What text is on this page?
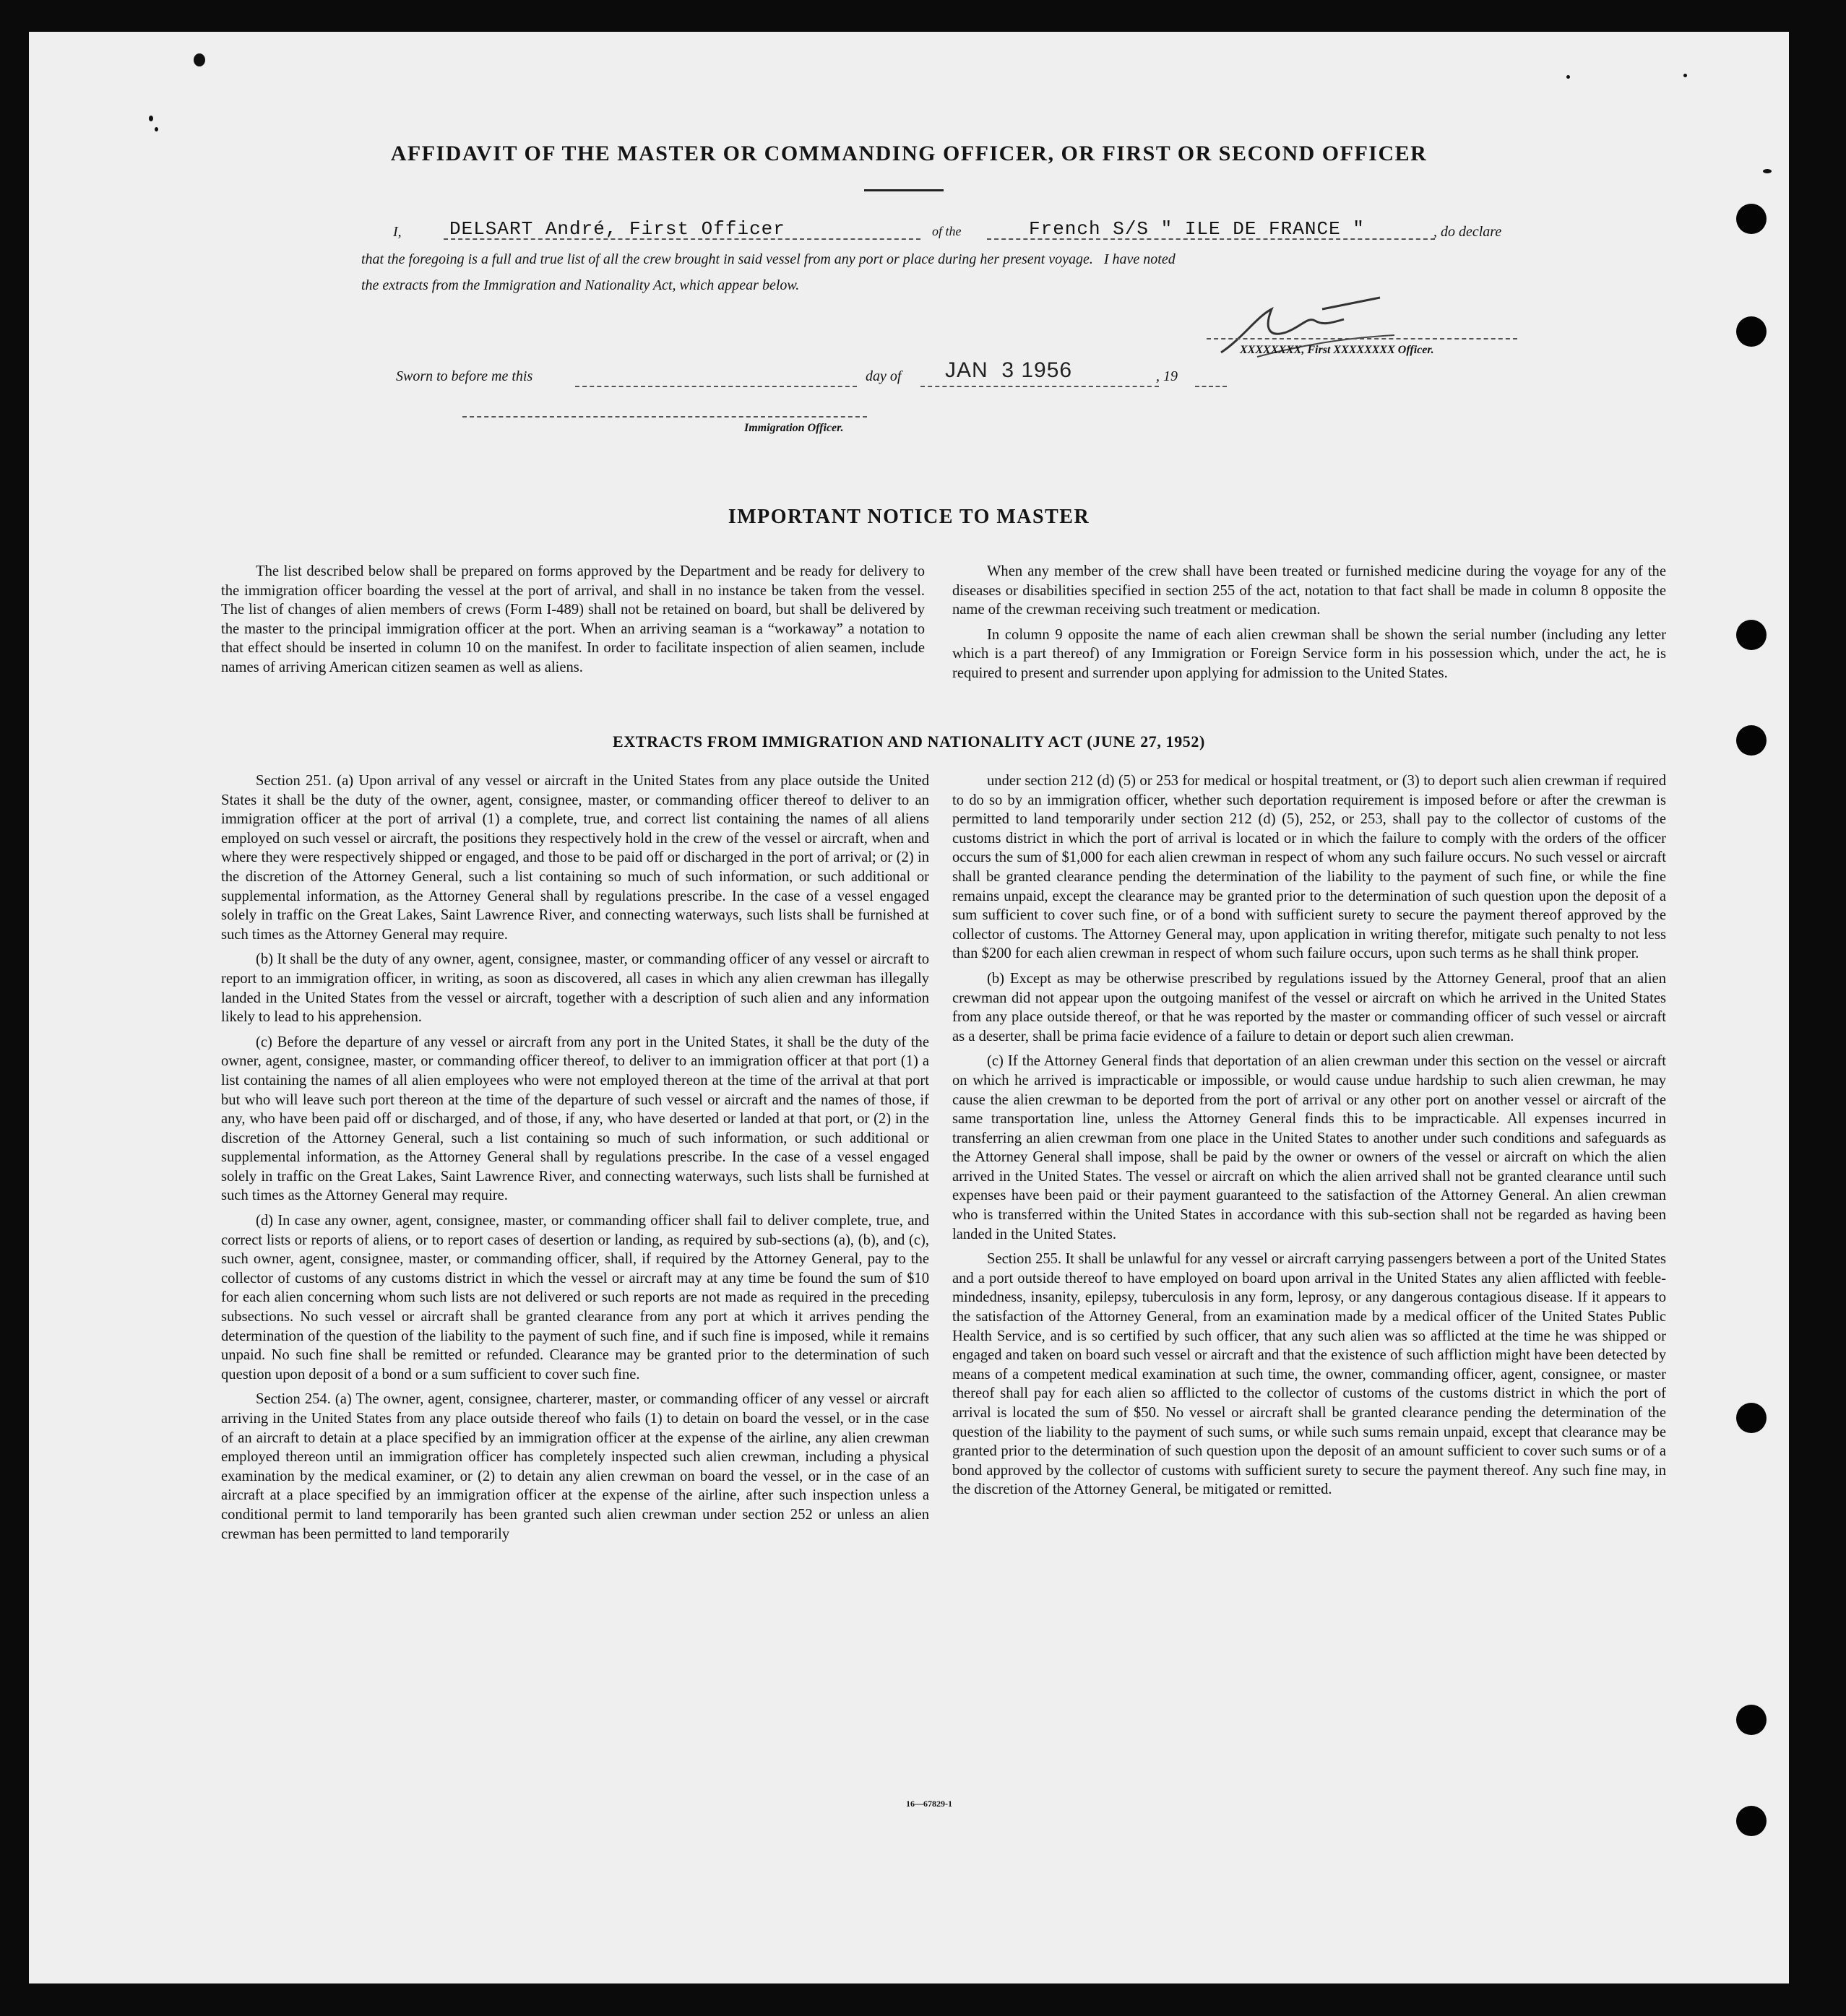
AFFIDAVIT OF THE MASTER OR COMMANDING OFFICER, OR FIRST OR SECOND OFFICER
I,	DELSART André, First Officer	of the	French S/S " ILE DE FRANCE "	, do declare
that the foregoing is a full and true list of all the crew brought in said vessel from any port or place during her present voyage.   I have noted
the extracts from the Immigration and Nationality Act, which appear below.
XXXXXXXX, First XXXXXXXX Officer.
Sworn to before me this	day of JAN  3 1956	, 19
Immigration Officer.
IMPORTANT NOTICE TO MASTER

The list described below shall be prepared on forms approved by the Department and be ready for delivery to the immigration officer boarding the vessel at the port of arrival, and shall in no instance be taken from the vessel. The list of changes of alien members of crews (Form I-489) shall not be retained on board, but shall be delivered by the master to the principal immigration officer at the port. When an arriving seaman is a “workaway” a notation to that effect should be inserted in column 10 on the manifest. In order to facilitate inspection of alien seamen, include names of arriving American citizen seamen as well as aliens.

When any member of the crew shall have been treated or furnished medicine during the voyage for any of the diseases or disabilities specified in section 255 of the act, notation to that fact shall be made in column 8 opposite the name of the crewman receiving such treatment or medication.

In column 9 opposite the name of each alien crewman shall be shown the serial number (including any letter which is a part thereof) of any Immigration or Foreign Service form in his possession which, under the act, he is required to present and surrender upon applying for admission to the United States.

EXTRACTS FROM IMMIGRATION AND NATIONALITY ACT (JUNE 27, 1952)

Section 251. (a) Upon arrival of any vessel or aircraft in the United States from any place outside the United States it shall be the duty of the owner, agent, consignee, master, or commanding officer thereof to deliver to an immigration officer at the port of arrival (1) a complete, true, and correct list containing the names of all aliens employed on such vessel or aircraft, the positions they respectively hold in the crew of the vessel or aircraft, when and where they were respectively shipped or engaged, and those to be paid off or discharged in the port of arrival; or (2) in the discretion of the Attorney General, such a list containing so much of such information, or such additional or supplemental information, as the Attorney General shall by regulations prescribe. In the case of a vessel engaged solely in traffic on the Great Lakes, Saint Lawrence River, and connecting waterways, such lists shall be furnished at such times as the Attorney General may require.

(b) It shall be the duty of any owner, agent, consignee, master, or commanding officer of any vessel or aircraft to report to an immigration officer, in writing, as soon as discovered, all cases in which any alien crewman has illegally landed in the United States from the vessel or aircraft, together with a description of such alien and any information likely to lead to his apprehension.

(c) Before the departure of any vessel or aircraft from any port in the United States, it shall be the duty of the owner, agent, consignee, master, or commanding officer thereof, to deliver to an immigration officer at that port (1) a list containing the names of all alien employees who were not employed thereon at the time of the arrival at that port but who will leave such port thereon at the time of the departure of such vessel or aircraft and the names of those, if any, who have been paid off or discharged, and of those, if any, who have deserted or landed at that port, or (2) in the discretion of the Attorney General, such a list containing so much of such information, or such additional or supplemental information, as the Attorney General shall by regulations prescribe. In the case of a vessel engaged solely in traffic on the Great Lakes, Saint Lawrence River, and connecting waterways, such lists shall be furnished at such times as the Attorney General may require.

(d) In case any owner, agent, consignee, master, or commanding officer shall fail to deliver complete, true, and correct lists or reports of aliens, or to report cases of desertion or landing, as required by sub-sections (a), (b), and (c), such owner, agent, consignee, master, or commanding officer, shall, if required by the Attorney General, pay to the collector of customs of any customs district in which the vessel or aircraft may at any time be found the sum of $10 for each alien concerning whom such lists are not delivered or such reports are not made as required in the preceding subsections. No such vessel or aircraft shall be granted clearance from any port at which it arrives pending the determination of the question of the liability to the payment of such fine, and if such fine is imposed, while it remains unpaid. No such fine shall be remitted or refunded. Clearance may be granted prior to the determination of such question upon deposit of a bond or a sum sufficient to cover such fine.

Section 254. (a) The owner, agent, consignee, charterer, master, or commanding officer of any vessel or aircraft arriving in the United States from any place outside thereof who fails (1) to detain on board the vessel, or in the case of an aircraft to detain at a place specified by an immigration officer at the expense of the airline, any alien crewman employed thereon until an immigration officer has completely inspected such alien crewman, including a physical examination by the medical examiner, or (2) to detain any alien crewman on board the vessel, or in the case of an aircraft at a place specified by an immigration officer at the expense of the airline, after such inspection unless a conditional permit to land temporarily has been granted such alien crewman under section 252 or unless an alien crewman has been permitted to land temporarily

under section 212 (d) (5) or 253 for medical or hospital treatment, or (3) to deport such alien crewman if required to do so by an immigration officer, whether such deportation requirement is imposed before or after the crewman is permitted to land temporarily under section 212 (d) (5), 252, or 253, shall pay to the collector of customs of the customs district in which the port of arrival is located or in which the failure to comply with the orders of the officer occurs the sum of $1,000 for each alien crewman in respect of whom any such failure occurs. No such vessel or aircraft shall be granted clearance pending the determination of the liability to the payment of such fine, or while the fine remains unpaid, except the clearance may be granted prior to the determination of such question upon the deposit of a sum sufficient to cover such fine, or of a bond with sufficient surety to secure the payment thereof approved by the collector of customs. The Attorney General may, upon application in writing therefor, mitigate such penalty to not less than $200 for each alien crewman in respect of whom such failure occurs, upon such terms as he shall think proper.

(b) Except as may be otherwise prescribed by regulations issued by the Attorney General, proof that an alien crewman did not appear upon the outgoing manifest of the vessel or aircraft on which he arrived in the United States from any place outside thereof, or that he was reported by the master or commanding officer of such vessel or aircraft as a deserter, shall be prima facie evidence of a failure to detain or deport such alien crewman.

(c) If the Attorney General finds that deportation of an alien crewman under this section on the vessel or aircraft on which he arrived is impracticable or impossible, or would cause undue hardship to such alien crewman, he may cause the alien crewman to be deported from the port of arrival or any other port on another vessel or aircraft of the same transportation line, unless the Attorney General finds this to be impracticable. All expenses incurred in transferring an alien crewman from one place in the United States to another under such conditions and safeguards as the Attorney General shall impose, shall be paid by the owner or owners of the vessel or aircraft on which the alien arrived in the United States. The vessel or aircraft on which the alien arrived shall not be granted clearance until such expenses have been paid or their payment guaranteed to the satisfaction of the Attorney General. An alien crewman who is transferred within the United States in accordance with this sub-section shall not be regarded as having been landed in the United States.

Section 255. It shall be unlawful for any vessel or aircraft carrying passengers between a port of the United States and a port outside thereof to have employed on board upon arrival in the United States any alien afflicted with feeble-mindedness, insanity, epilepsy, tuberculosis in any form, leprosy, or any dangerous contagious disease. If it appears to the satisfaction of the Attorney General, from an examination made by a medical officer of the United States Public Health Service, and is so certified by such officer, that any such alien was so afflicted at the time he was shipped or engaged and taken on board such vessel or aircraft and that the existence of such affliction might have been detected by means of a competent medical examination at such time, the owner, commanding officer, agent, consignee, or master thereof shall pay for each alien so afflicted to the collector of customs of the customs district in which the port of arrival is located the sum of $50. No vessel or aircraft shall be granted clearance pending the determination of the question of the liability to the payment of such sums, or while such sums remain unpaid, except that clearance may be granted prior to the determination of such question upon the deposit of an amount sufficient to cover such sums or of a bond approved by the collector of customs with sufficient surety to secure the payment thereof. Any such fine may, in the discretion of the Attorney General, be mitigated or remitted.

16—67829-1
